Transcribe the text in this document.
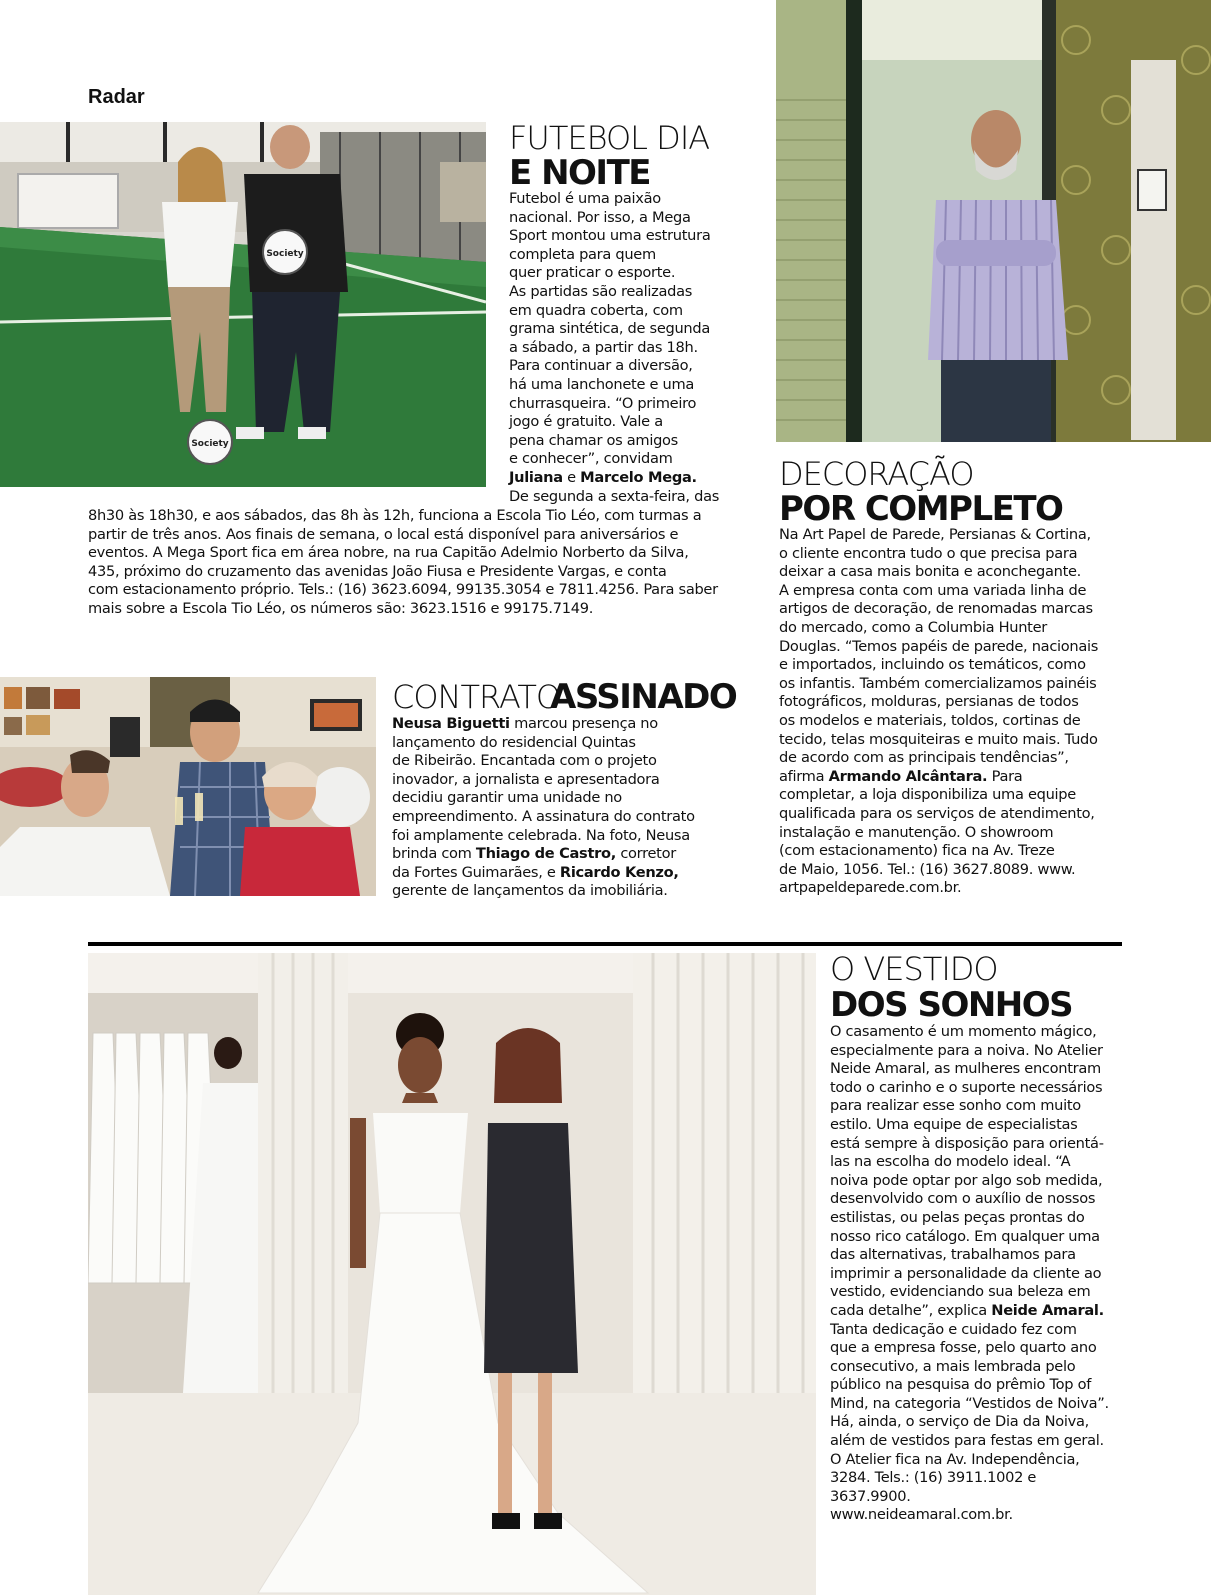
Radar
Society
Society
FUTEBOL DIA
E NOITE

Futebol é uma paixão

nacional. Por isso, a Mega

Sport montou uma estrutura

completa para quem

quer praticar o esporte.

As partidas são realizadas

em quadra coberta, com

grama sintética, de segunda

a sábado, a partir das 18h.

Para continuar a diversão,

há uma lanchonete e uma

churrasqueira. “O primeiro

jogo é gratuito. Vale a

pena chamar os amigos

e conhecer”, convidam

Juliana e Marcelo Mega.

De segunda a sexta-feira, das

8h30 às 18h30, e aos sábados, das 8h às 12h, funciona a Escola Tio Léo, com turmas a

partir de três anos. Aos finais de semana, o local está disponível para aniversários e

eventos. A Mega Sport fica em área nobre, na rua Capitão Adelmio Norberto da Silva,

435, próximo do cruzamento das avenidas João Fiusa e Presidente Vargas, e conta

com estacionamento próprio. Tels.: (16) 3623.6094, 99135.3054 e 7811.4256. Para saber

mais sobre a Escola Tio Léo, os números são: 3623.1516 e 99175.7149.

DECORAÇÃO
POR COMPLETO

Na Art Papel de Parede, Persianas & Cortina,

o cliente encontra tudo o que precisa para

deixar a casa mais bonita e aconchegante.

A empresa conta com uma variada linha de

artigos de decoração, de renomadas marcas

do mercado, como a Columbia Hunter

Douglas. “Temos papéis de parede, nacionais

e importados, incluindo os temáticos, como

os infantis. Também comercializamos painéis

fotográficos, molduras, persianas de todos

os modelos e materiais, toldos, cortinas de

tecido, telas mosquiteiras e muito mais. Tudo

de acordo com as principais tendências”,

afirma Armando Alcântara. Para

completar, a loja disponibiliza uma equipe

qualificada para os serviços de atendimento,

instalação e manutenção. O showroom

(com estacionamento) fica na Av. Treze

de Maio, 1056. Tel.: (16) 3627.8089. www.

artpapeldeparede.com.br.

CONTRATO
ASSINADO

Neusa Biguetti marcou presença no

lançamento do residencial Quintas

de Ribeirão. Encantada com o projeto

inovador, a jornalista e apresentadora

decidiu garantir uma unidade no

empreendimento. A assinatura do contrato

foi amplamente celebrada. Na foto, Neusa

brinda com Thiago de Castro, corretor

da Fortes Guimarães, e Ricardo Kenzo,

gerente de lançamentos da imobiliária.

O VESTIDO
DOS SONHOS

O casamento é um momento mágico,

especialmente para a noiva. No Atelier

Neide Amaral, as mulheres encontram

todo o carinho e o suporte necessários

para realizar esse sonho com muito

estilo. Uma equipe de especialistas

está sempre à disposição para orientá-

las na escolha do modelo ideal. “A

noiva pode optar por algo sob medida,

desenvolvido com o auxílio de nossos

estilistas, ou pelas peças prontas do

nosso rico catálogo. Em qualquer uma

das alternativas, trabalhamos para

imprimir a personalidade da cliente ao

vestido, evidenciando sua beleza em

cada detalhe”, explica Neide Amaral.

Tanta dedicação e cuidado fez com

que a empresa fosse, pelo quarto ano

consecutivo, a mais lembrada pelo

público na pesquisa do prêmio Top of

Mind, na categoria “Vestidos de Noiva”.

Há, ainda, o serviço de Dia da Noiva,

além de vestidos para festas em geral.

O Atelier fica na Av. Independência,

3284. Tels.: (16) 3911.1002 e 3637.9900.

www.neideamaral.com.br.
